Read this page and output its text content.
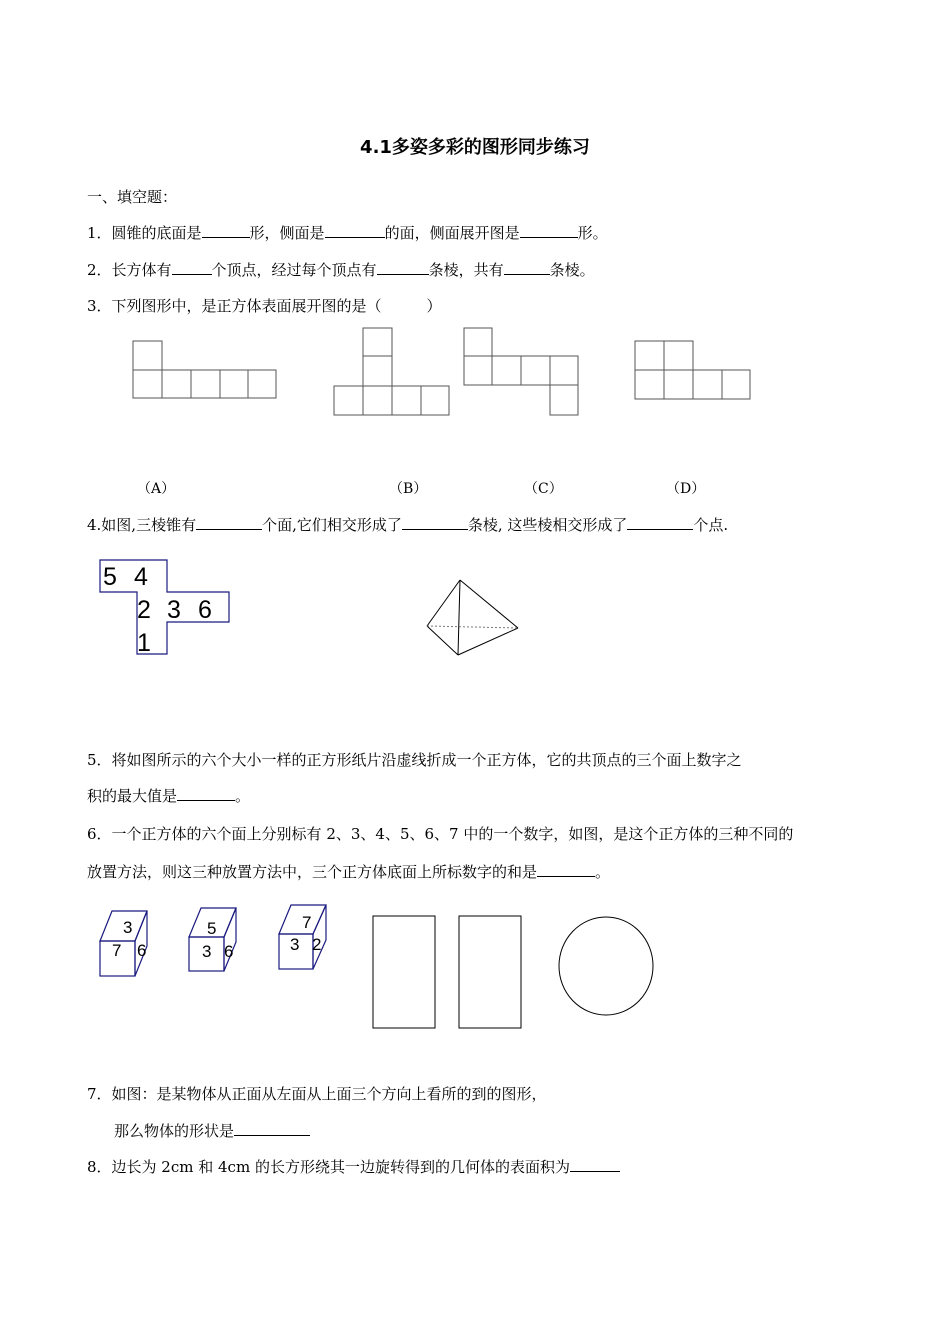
4.1多姿多彩的图形同步练习
一、填空题：
1．圆锥的底面是	形，侧面是	的面，侧面展开图是	形。
2．长方体有	个顶点，经过每个顶点有	条棱，共有	条棱。
3．下列图形中，是正方体表面展开图的是（　　　）
（A）	（B）	（C）	（D）
4.如图,三棱锥有	个面,它们相交形成了	条棱, 这些棱相交形成了	个点.
5 4
2 3 6
1
5．将如图所示的六个大小一样的正方形纸片沿虚线折成一个正方体，它的共顶点的三个面上数字之
积的最大值是	。
6．一个正方体的六个面上分别标有 2、3、4、5、6、7 中的一个数字，如图，是这个正方体的三种不同的
放置方法，则这三种放置方法中，三个正方体底面上所标数字的和是	。
3
7 6
5
3 6
7
3 2
7．如图：是某物体从正面从左面从上面三个方向上看所的到的图形，
那么物体的形状是
8．边长为 2cm 和 4cm 的长方形绕其一边旋转得到的几何体的表面积为
